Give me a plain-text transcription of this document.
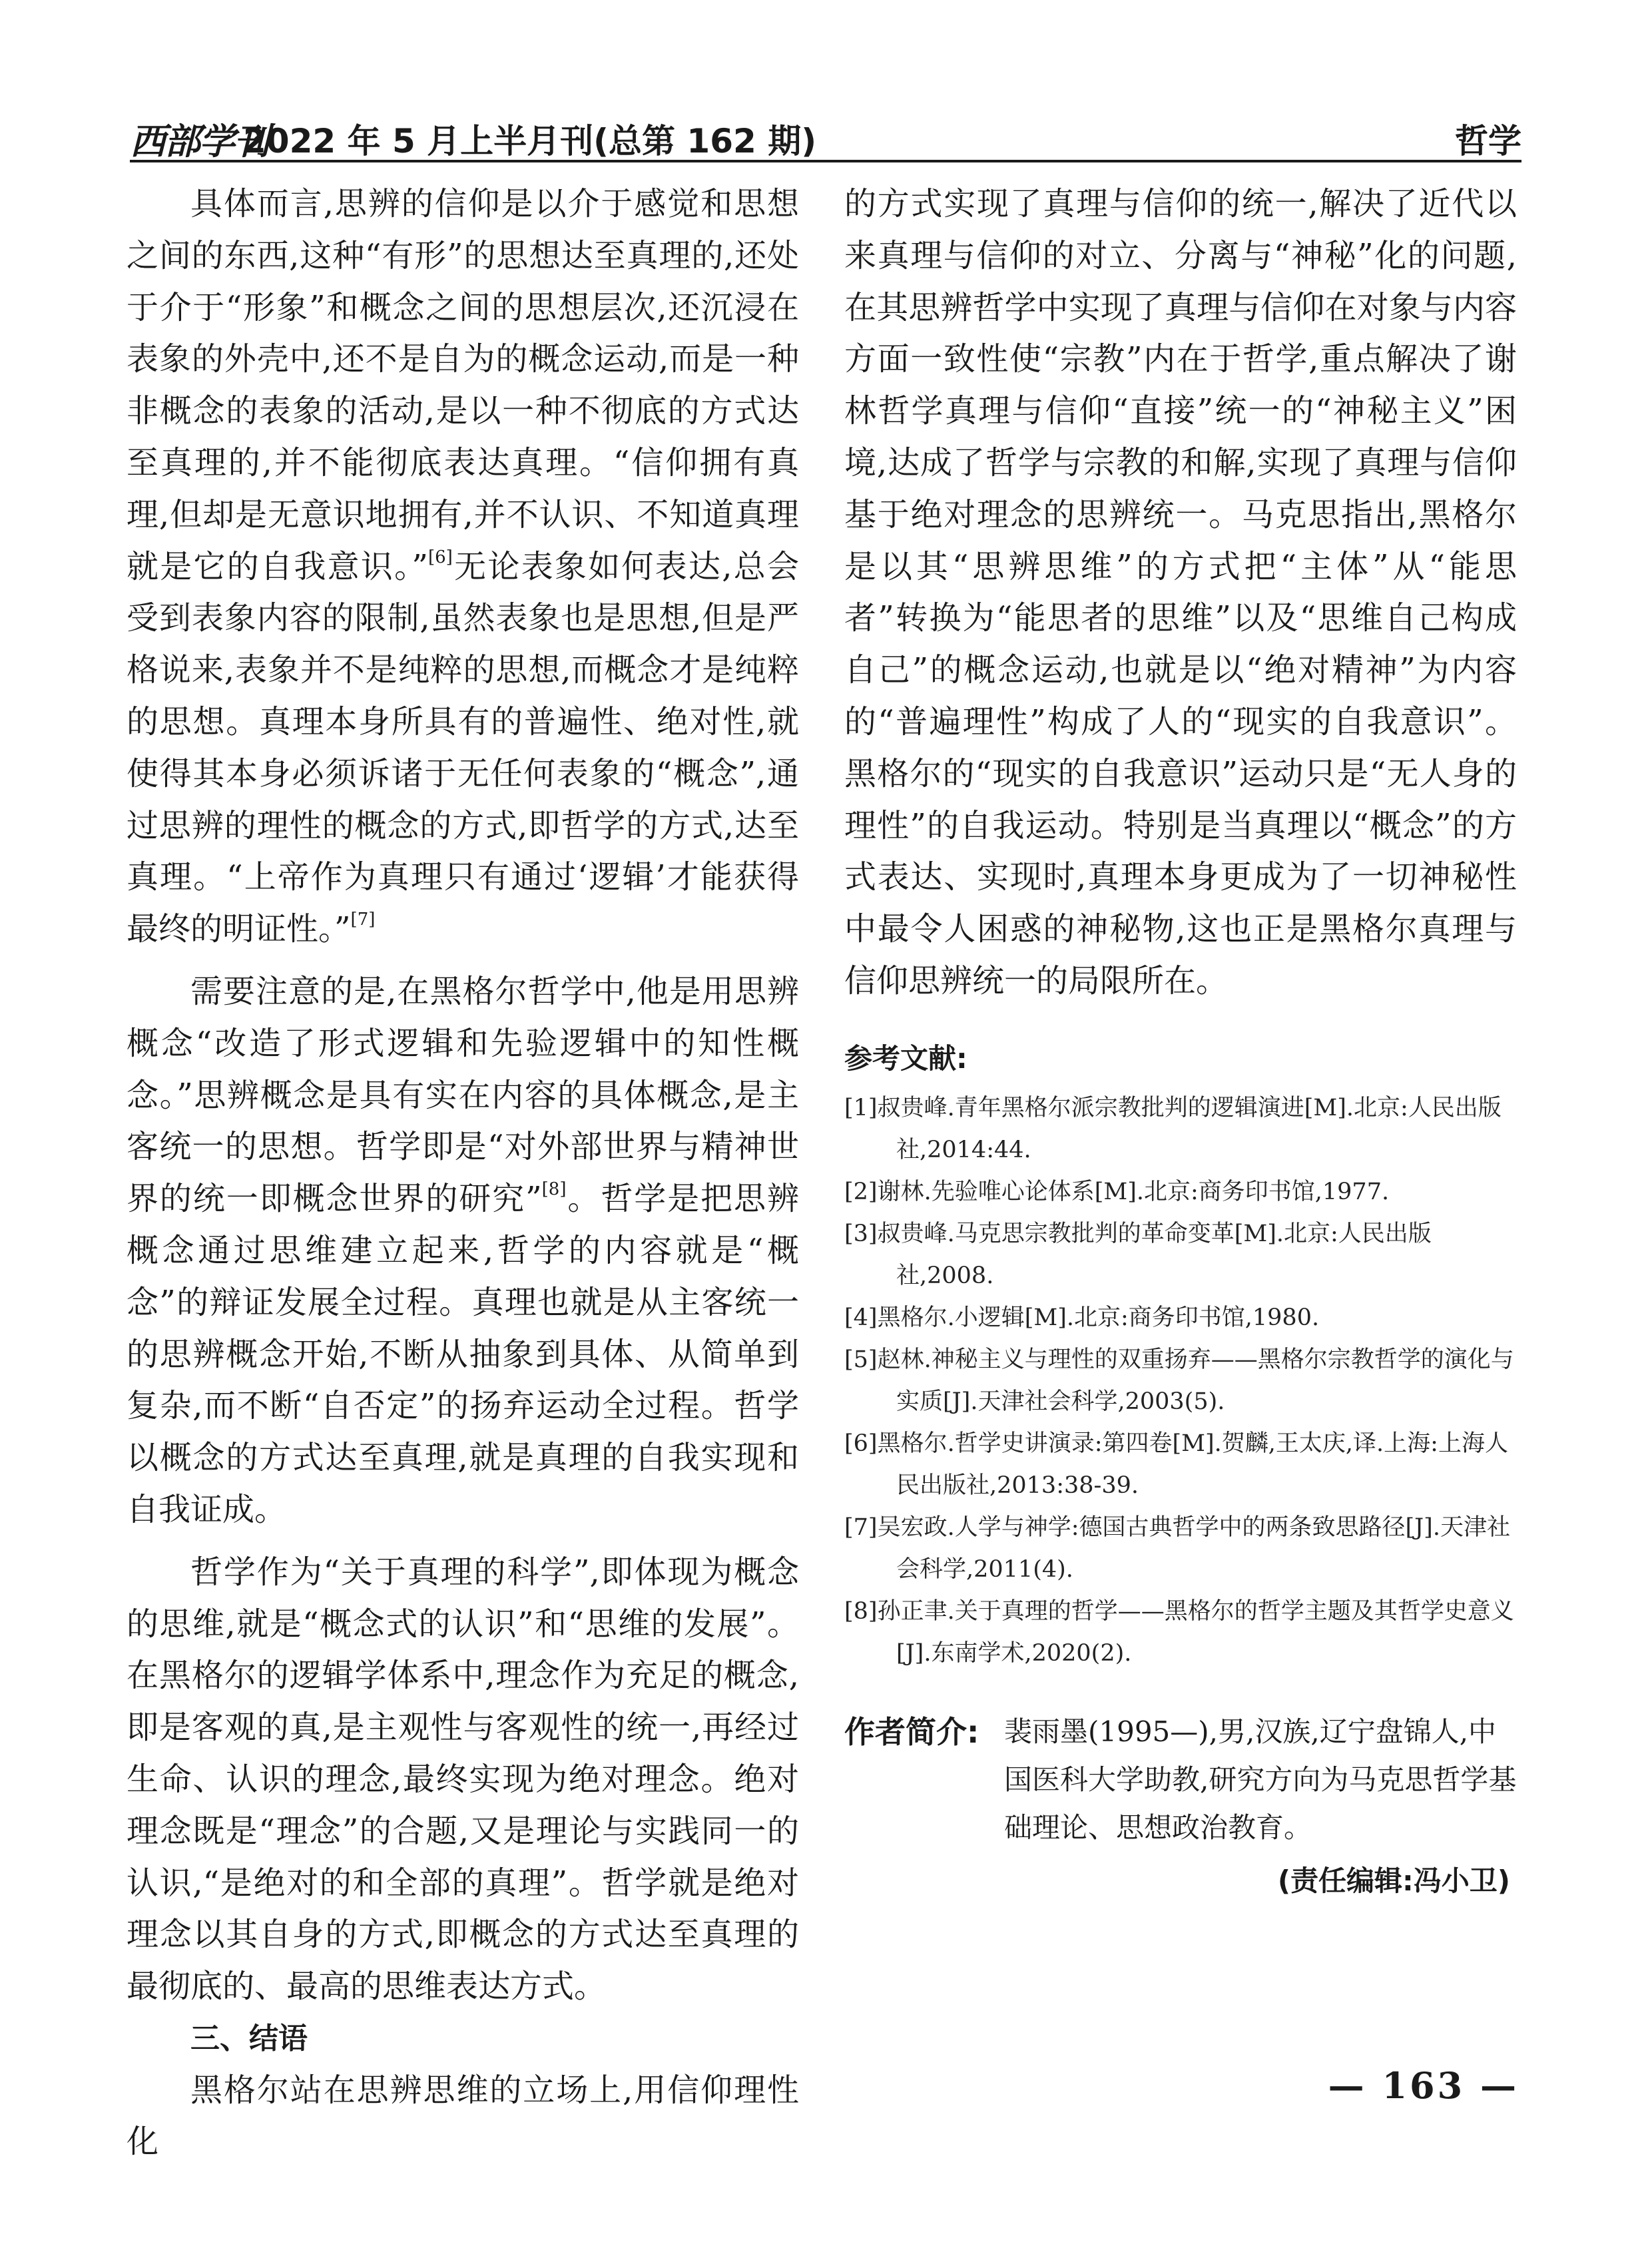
西部学刊
2022 年 5 月上半月刊(总第 162 期)	哲学

具体而言,思辨的信仰是以介于感觉和思想之间的东西,这种“有形”的思想达至真理的,还处于介于“形象”和概念之间的思想层次,还沉浸在表象的外壳中,还不是自为的概念运动,而是一种非概念的表象的活动,是以一种不彻底的方式达至真理的,并不能彻底表达真理。“信仰拥有真理,但却是无意识地拥有,并不认识、不知道真理就是它的自我意识。”[6]无论表象如何表达,总会受到表象内容的限制,虽然表象也是思想,但是严格说来,表象并不是纯粹的思想,而概念才是纯粹的思想。真理本身所具有的普遍性、绝对性,就使得其本身必须诉诸于无任何表象的“概念”,通过思辨的理性的概念的方式,即哲学的方式,达至真理。“上帝作为真理只有通过‘逻辑’才能获得最终的明证性。”[7]

需要注意的是,在黑格尔哲学中,他是用思辨概念“改造了形式逻辑和先验逻辑中的知性概念。”思辨概念是具有实在内容的具体概念,是主客统一的思想。哲学即是“对外部世界与精神世界的统一即概念世界的研究”[8]。哲学是把思辨概念通过思维建立起来,哲学的内容就是“概念”的辩证发展全过程。真理也就是从主客统一的思辨概念开始,不断从抽象到具体、从简单到复杂,而不断“自否定”的扬弃运动全过程。哲学以概念的方式达至真理,就是真理的自我实现和自我证成。

哲学作为“关于真理的科学”,即体现为概念的思维,就是“概念式的认识”和“思维的发展”。在黑格尔的逻辑学体系中,理念作为充足的概念,即是客观的真,是主观性与客观性的统一,再经过生命、认识的理念,最终实现为绝对理念。绝对理念既是“理念”的合题,又是理论与实践同一的认识,“是绝对的和全部的真理”。哲学就是绝对理念以其自身的方式,即概念的方式达至真理的最彻底的、最高的思维表达方式。

三、结语

黑格尔站在思辨思维的立场上,用信仰理性化

的方式实现了真理与信仰的统一,解决了近代以来真理与信仰的对立、分离与“神秘”化的问题,在其思辨哲学中实现了真理与信仰在对象与内容方面一致性使“宗教”内在于哲学,重点解决了谢林哲学真理与信仰“直接”统一的“神秘主义”困境,达成了哲学与宗教的和解,实现了真理与信仰基于绝对理念的思辨统一。马克思指出,黑格尔是以其“思辨思维”的方式把“主体”从“能思者”转换为“能思者的思维”以及“思维自己构成自己”的概念运动,也就是以“绝对精神”为内容的“普遍理性”构成了人的“现实的自我意识”。黑格尔的“现实的自我意识”运动只是“无人身的理性”的自我运动。特别是当真理以“概念”的方式表达、实现时,真理本身更成为了一切神秘性中最令人困惑的神秘物,这也正是黑格尔真理与信仰思辨统一的局限所在。

参考文献:

[1]叔贵峰.青年黑格尔派宗教批判的逻辑演进[M].北京:人民出版社,2014:44.

[2]谢林.先验唯心论体系[M].北京:商务印书馆,1977.

[3]叔贵峰.马克思宗教批判的革命变革[M].北京:人民出版社,2008.

[4]黑格尔.小逻辑[M].北京:商务印书馆,1980.

[5]赵林.神秘主义与理性的双重扬弃——黑格尔宗教哲学的演化与实质[J].天津社会科学,2003(5).

[6]黑格尔.哲学史讲演录:第四卷[M].贺麟,王太庆,译.上海:上海人民出版社,2013:38-39.

[7]吴宏政.人学与神学:德国古典哲学中的两条致思路径[J].天津社会科学,2011(4).

[8]孙正聿.关于真理的哲学——黑格尔的哲学主题及其哲学史意义[J].东南学术,2020(2).

作者简介: 裴雨墨(1995—),男,汉族,辽宁盘锦人,中国医科大学助教,研究方向为马克思哲学基础理论、思想政治教育。
(责任编辑:冯小卫)
— 163 —
